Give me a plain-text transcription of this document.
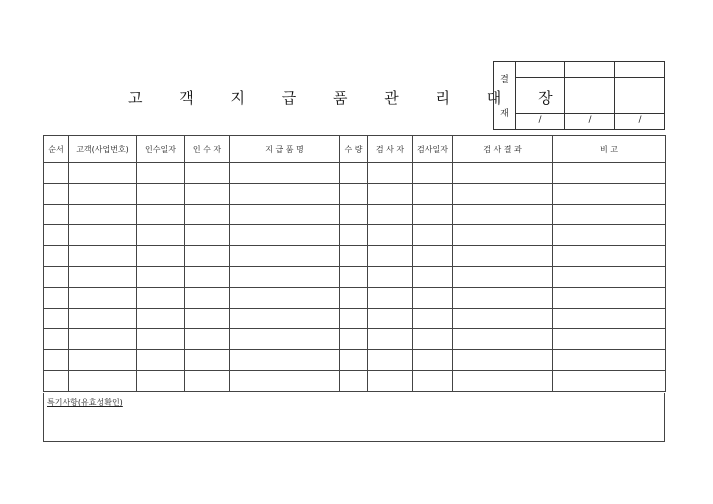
고 객 지 급 품 관 리 대 장
결
재
/	/	/
순서	고객(사업번호)	인수일자	인 수 자	지 급 품 명	수 량	검 사 자	검사일자	검 사 결 과	비 고

특기사항(유효성확인)
